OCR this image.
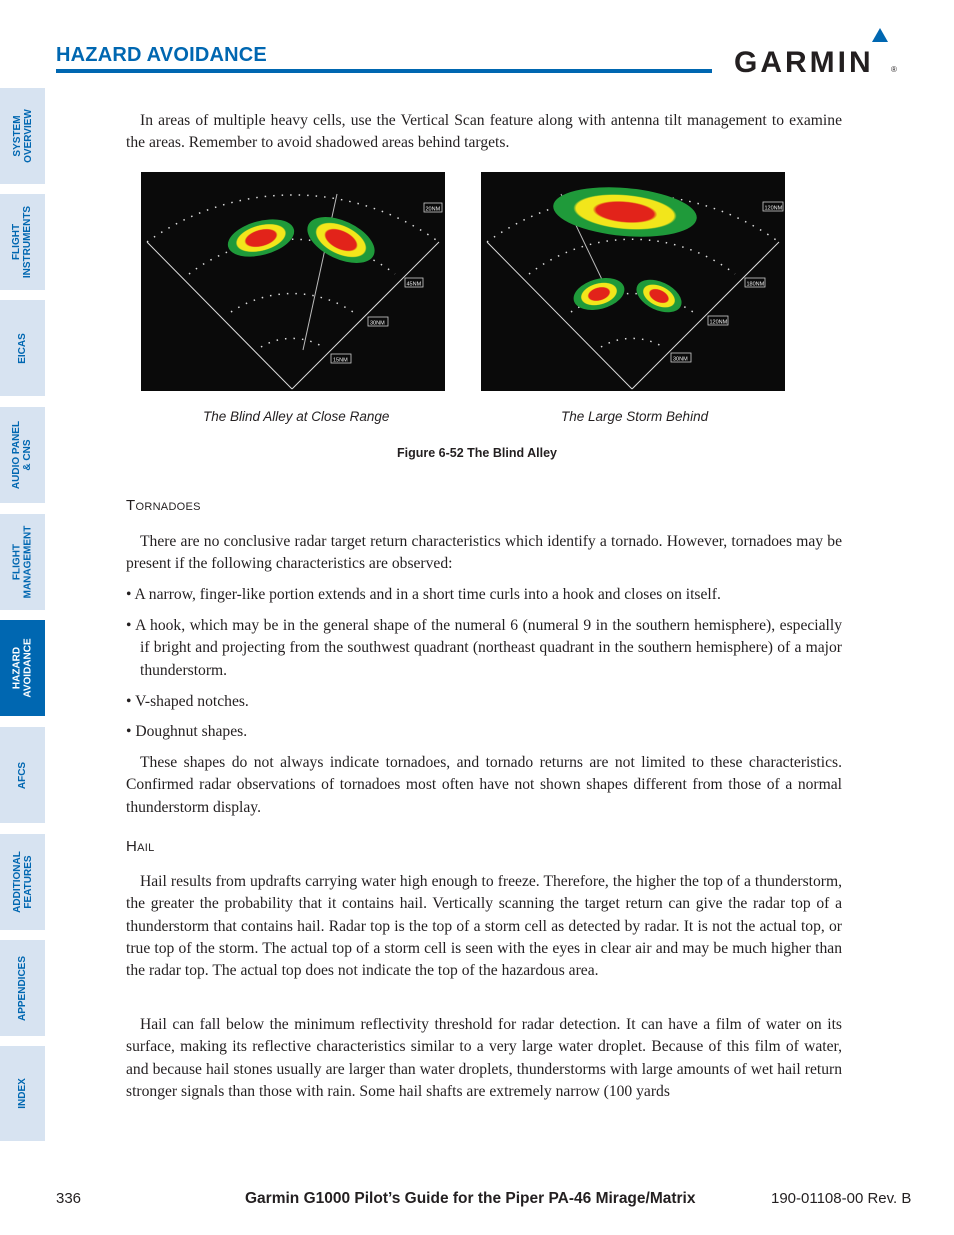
HAZARD AVOIDANCE	GARMIN ®
SYSTEM
OVERVIEW
FLIGHT
INSTRUMENTS
EICAS
AUDIO PANEL
& CNS
FLIGHT
MANAGEMENT
HAZARD
AVOIDANCE
AFCS
ADDITIONAL
FEATURES
APPENDICES
INDEX

In areas of multiple heavy cells, use the Vertical Scan feature along with antenna tilt management to examine the areas. Remember to avoid shadowed areas behind targets.

20NM
45NM
30NM
15NM
120NM
180NM
120NM
30NM
The Blind Alley at Close Range	The Large Storm Behind
Figure 6-52 The Blind Alley
Tornadoes

There are no conclusive radar target return characteristics which identify a tornado. However, tornadoes may be present if the following characteristics are observed:

• A narrow, finger-like portion extends and in a short time curls into a hook and closes on itself.

• A hook, which may be in the general shape of the numeral 6 (numeral 9 in the southern hemisphere), especially if bright and projecting from the southwest quadrant (northeast quadrant in the southern hemisphere) of a major thunderstorm.

• V-shaped notches.

• Doughnut shapes.

These shapes do not always indicate tornadoes, and tornado returns are not limited to these characteristics. Confirmed radar observations of tornadoes most often have not shown shapes different from those of a normal thunderstorm display.

Hail

Hail results from updrafts carrying water high enough to freeze. Therefore, the higher the top of a thunderstorm, the greater the probability that it contains hail. Vertically scanning the target return can give the radar top of a thunderstorm that contains hail. Radar top is the top of a storm cell as detected by radar. It is not the actual top, or true top of the storm. The actual top of a storm cell is seen with the eyes in clear air and may be much higher than the radar top. The actual top does not indicate the top of the hazardous area.

Hail can fall below the minimum reflectivity threshold for radar detection. It can have a film of water on its surface, making its reflective characteristics similar to a very large water droplet. Because of this film of water, and because hail stones usually are larger than water droplets, thunderstorms with large amounts of wet hail return stronger signals than those with rain. Some hail shafts are extremely narrow (100 yards

336	Garmin G1000 Pilot’s Guide for the Piper PA-46 Mirage/Matrix	190-01108-00 Rev. B
